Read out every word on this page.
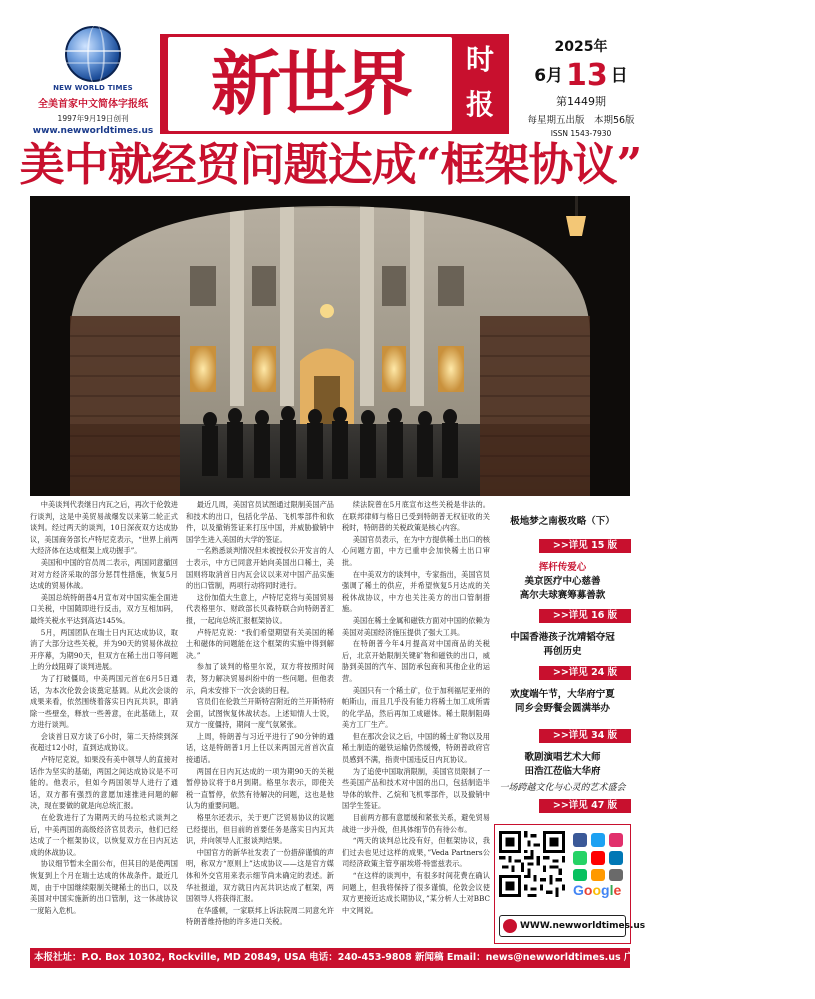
NEW WORLD TIMES
全美首家中文简体字报纸
1997年9月19日创刊
www.newworldtimes.us
新世界	时
报
2025年
6月 13 日
第1449期
每星期五出版　本期56版
ISSN 1543-7930
美中就经贸问题达成“框架协议”

中美谈判代表继日内瓦之后，再次于伦敦进行谈判，这是中美贸易战爆发以来第二轮正式谈判。经过两天的谈判，10日深夜双方达成协议，美国商务部长卢特尼克表示，“世界上前两大经济体在达成框架上成功握手”。

美国和中国的官员周二表示，两国同意撤回对对方经济采取的部分惩罚性措施，恢复5月达成的贸易休战。

美国总统特朗普4月宣布对中国实施全面进口关税，中国随即进行反击，双方互相加码，最终关税水平达到高达145%。

5月，两国团队在瑞士日内瓦达成协议，取消了大部分这些关税，并为90天的贸易休战拉开序幕，为期90天，但双方在稀土出口等问题上的分歧阻碍了谈判进展。

为了打破僵局，中美两国元首在6月5日通话，为本次伦敦会谈奠定基调。从此次会谈的成果来看，依然围绕着落实日内瓦共识，即消除一些壁垒，释放一些善意，在此基础上，双方进行谈判。

会谈首日双方谈了6小时，第二天持续到深夜超过12小时，直到达成协议。

卢特尼克说，如果没有美中领导人的直接对话作为坚实的基础，两国之间达成协议是不可能的。他表示，但如今两国领导人进行了通话，双方都有强烈的意愿加速推进问题的解决，现在要做的就是向总统汇报。

在伦敦进行了为期两天的马拉松式谈判之后，中美两国的高级经济官员表示，他们已经达成了一个框架协议，以恢复双方在日内瓦达成的休战协议。

协议细节暂未全面公布，但其目的是使两国恢复到上个月在瑞士达成的休战条件。最近几周，由于中国继续限制关键稀土的出口，以及美国对中国实施新的出口管制，这一休战协议一度陷入危机。

最近几周，美国官员试图通过限制美国产品和技术的出口，包括化学品、飞机零部件和软件，以及撤销签证来打压中国，并威胁撤销中国学生进入美国的大学的签证。

一名熟悉谈判情况但未被授权公开发言的人士表示，中方已同意开始向美国出口稀土，美国则将取消首日内瓦会议以来对中国产品实施的出口管制，两项行动将同时进行。

这份加值大生意上，卢特尼克将与美国贸易代表格里尔、财政部长贝森特联合向特朗普汇报，一起向总统汇报框架协议。

卢特尼克说：“我们希望期望有关美国的稀土和磁体的问题能在这个框架的实施中得到解决。”

参加了谈判的格里尔说，双方将按照时间表，努力解决贸易纠纷中的一些问题。但他表示，尚未安排下一次会谈的日程。

官员们在伦敦兰开斯特宫附近的兰开斯特府会面，试图恢复休战状态。上述知情人士说，双方一度僵持，期间一度气氛紧张。

上周，特朗普与习近平进行了90分钟的通话，这是特朗普1月上任以来两国元首首次直接通话。

两国在日内瓦达成的一项为期90天的关税暂停协议将于8月到期。格里尔表示，即使关税一直暂停，依然有待解决的问题，这也是他认为的重要问题。

格里尔还表示，关于更广泛贸易协议的议题已经提出，但目前的首要任务是落实日内瓦共识，并向领导人汇报谈判结果。

中国官方的新华社发表了一份措辞谨慎的声明，称双方“原则上”达成协议——这是官方媒体和外交官用来表示细节尚未确定的表述。新华社报道，双方就日内瓦共识达成了框架，两国领导人将获得汇报。

在华盛顿，一家联邦上诉法院周二同意允许特朗普维持他的许多进口关税。

续法院曾在5月底宣布这些关税是非法的。在联邦律师与格日已受到特朗普无权征收的关税时，特朗普的关税政策是核心内容。

美国官员表示，在为中方提供稀土出口的核心问题方面，中方已重申会加快稀土出口审批。

在中美双方的谈判中，专家指出，美国官员强调了稀土的供应，并希望恢复5月达成的关税休战协议，中方也关注美方的出口管制措施。

美国在稀土金属和磁铁方面对中国的依赖为美国对美国经济施压提供了强大工具。

在特朗普今年4月提高对中国商品的关税后，北京开始限制关键矿物和磁铁的出口，威胁到美国的汽车、国防承包商和其他企业的运营。

美国只有一个稀土矿，位于加利福尼亚州的帕斯山，而且几乎没有能力将稀土加工成所需的化学品，然后再加工成磁体。稀土限制阻碍美方工厂生产。

但在那次会议之后，中国的稀土矿物以及用稀土制造的磁铁运输仍然缓慢，特朗普政府官员感到不满，指责中国违反日内瓦协议。

为了追使中国取消限制，美国官员限制了一些美国产品和技术对中国的出口，包括制造半导体的软件、乙烷和飞机零部件，以及撤销中国学生签证。

目前两方都有意愿缓和紧张关系，避免贸易战进一步升级，但具体细节仍有待公布。

“两天的谈判总比没有好，但框架协议，我们过去也见过这样的成果，”Veda Partners公司经济政策主管亨丽埃塔·特雷兹表示。

“在这样的谈判中，有很多时间花费在确认问题上，但我将保持了很多谨慎，伦敦会议使双方更接近达成长期协议，”某分析人士对BBC中文网说。

极地梦之南极攻略（下）
>>详见 15 版
挥杆传爱心
美京医疗中心慈善
高尔夫球赛筹募善款
>>详见 16 版
中国香港孩子沈靖韬夺冠
再创历史
>>详见 24 版
欢度端午节，大华府宁夏
同乡会野餐会圆满举办
>>详见 34 版
歌剧演唱艺术大师
田浩江莅临大华府
一场跨越文化与心灵的艺术盛会
>>详见 47 版
Google
WWW.newworldtimes.us
本报社址：P.O. Box 10302, Rockville, MD 20849, USA 电话：240-453-9808 新闻稿 Email：news@newworldtimes.us 广告稿 Email：ad@newworldtimes.us
